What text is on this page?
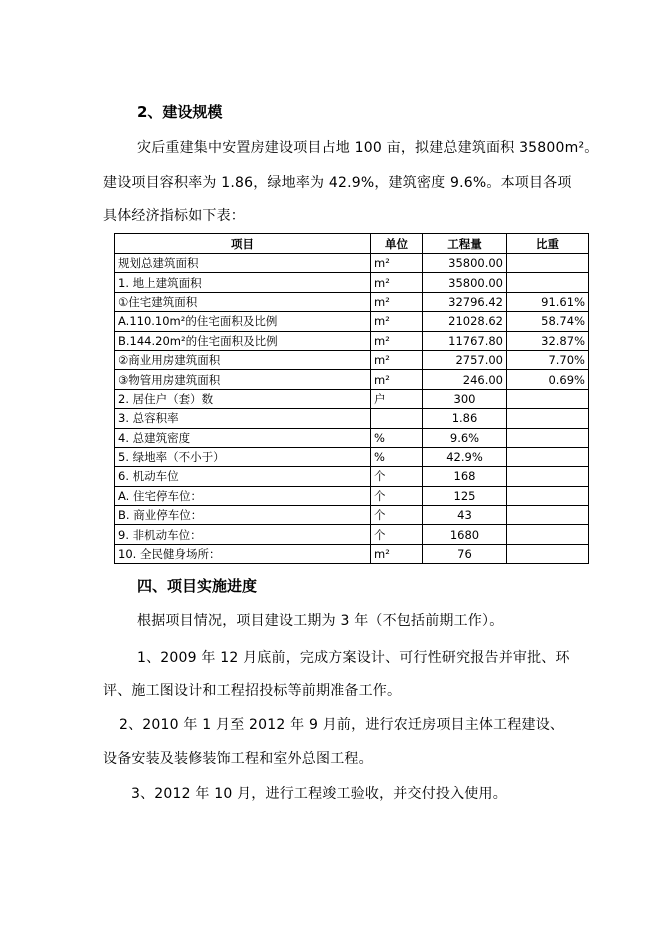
2、建设规模
灾后重建集中安置房建设项目占地 100 亩，拟建总建筑面积 35800m²。
建设项目容积率为 1.86，绿地率为 42.9%，建筑密度 9.6%。本项目各项
具体经济指标如下表：
项目	单位	工程量	比重
规划总建筑面积	m²	35800.00	
1. 地上建筑面积	m²	35800.00	
①住宅建筑面积	m²	32796.42	91.61%
A.110.10m²的住宅面积及比例	m²	21028.62	58.74%
B.144.20m²的住宅面积及比例	m²	11767.80	32.87%
②商业用房建筑面积	m²	2757.00	7.70%
③物管用房建筑面积	m²	246.00	0.69%
2. 居住户（套）数	户	300	
3. 总容积率		1.86	
4. 总建筑密度	%	9.6%	
5. 绿地率（不小于）	%	42.9%	
6. 机动车位	个	168	
A. 住宅停车位：	个	125	
B. 商业停车位：	个	43	
9. 非机动车位：	个	1680	
10. 全民健身场所：	m²	76	
四、项目实施进度
根据项目情况，项目建设工期为 3 年（不包括前期工作）。
1、2009 年 12 月底前，完成方案设计、可行性研究报告并审批、环
评、施工图设计和工程招投标等前期准备工作。
2、2010 年 1 月至 2012 年 9 月前，进行农迁房项目主体工程建设、
设备安装及装修装饰工程和室外总图工程。
3、2012 年 10 月，进行工程竣工验收，并交付投入使用。
